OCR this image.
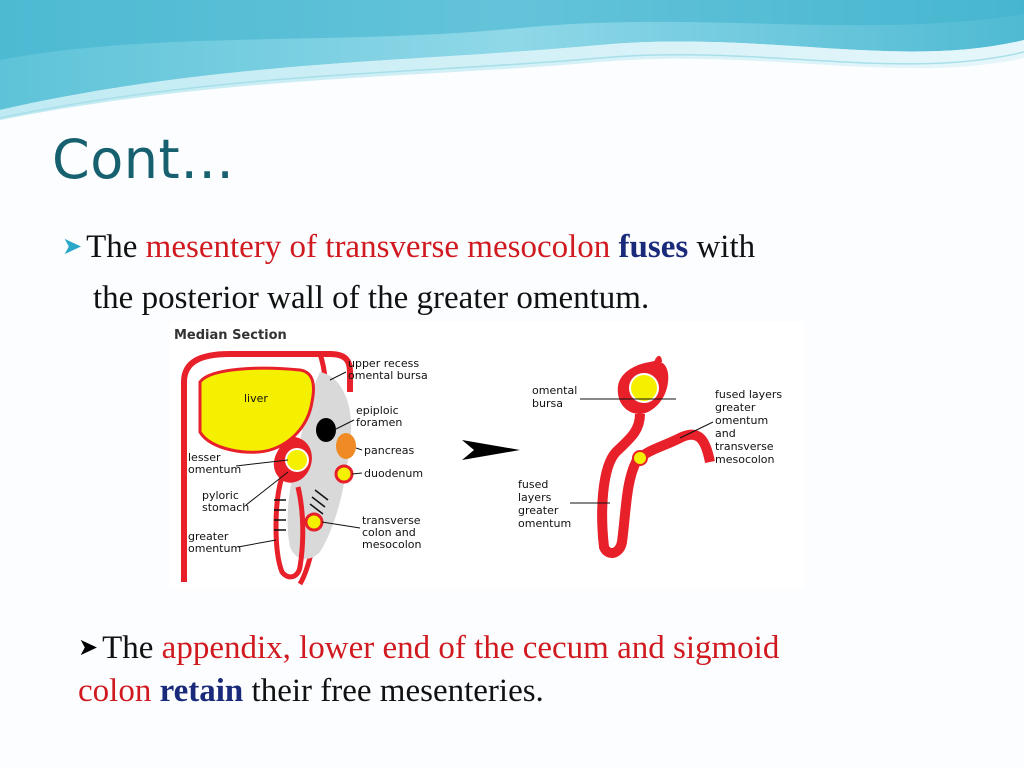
Cont…
➤ The mesentery of transverse mesocolon fuses with
the posterior wall of the greater omentum.
Median Section
liver
upper recess
omental bursa
epiploic
foramen
pancreas
duodenum
lesser
omentum
pyloric
stomach
transverse
colon and
mesocolon
greater
omentum
omental
bursa
fused layers
greater
omentum
and
transverse
mesocolon
fused
layers
greater
omentum
➤ The appendix, lower end of the cecum and sigmoid
colon retain their free mesenteries.
